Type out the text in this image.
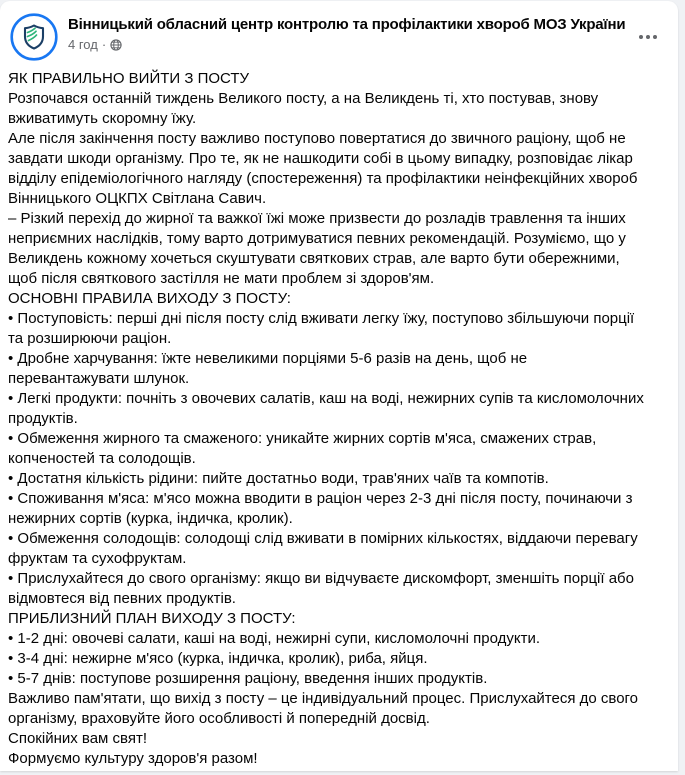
Вінницький обласний центр контролю та профілактики хвороб МОЗ України
4 год ·
ЯК ПРАВИЛЬНО ВИЙТИ З ПОСТУ
Розпочався останній тиждень Великого посту, а на Великдень ті, хто постував, знову вживатимуть скоромну їжу.
Але після закінчення посту важливо поступово повертатися до звичного раціону, щоб не завдати шкоди організму. Про те, як не нашкодити собі в цьому випадку, розповідає лікар відділу епідеміологічного нагляду (спостереження) та профілактики неінфекційних хвороб Вінницького ОЦКПХ Світлана Савич.
– Різкий перехід до жирної та важкої їжі може призвести до розладів травлення та інших неприємних наслідків, тому варто дотримуватися певних рекомендацій. Розуміємо, що у Великдень кожному хочеться скуштувати святкових страв, але варто бути обережними, щоб після святкового застілля не мати проблем зі здоров'ям.
ОСНОВНІ ПРАВИЛА ВИХОДУ З ПОСТУ:
• Поступовість: перші дні після посту слід вживати легку їжу, поступово збільшуючи порції та розширюючи раціон.
• Дробне харчування: їжте невеликими порціями 5-6 разів на день, щоб не перевантажувати шлунок.
• Легкі продукти: почніть з овочевих салатів, каш на воді, нежирних супів та кисломолочних продуктів.
• Обмеження жирного та смаженого: уникайте жирних сортів м'яса, смажених страв, копченостей та солодощів.
• Достатня кількість рідини: пийте достатньо води, трав'яних чаїв та компотів.
• Споживання м'яса: м'ясо можна вводити в раціон через 2-3 дні після посту, починаючи з нежирних сортів (курка, індичка, кролик).
• Обмеження солодощів: солодощі слід вживати в помірних кількостях, віддаючи перевагу фруктам та сухофруктам.
• Прислухайтеся до свого організму: якщо ви відчуваєте дискомфорт, зменшіть порції або відмовтеся від певних продуктів.
ПРИБЛИЗНИЙ ПЛАН ВИХОДУ З ПОСТУ:
• 1-2 дні: овочеві салати, каші на воді, нежирні супи, кисломолочні продукти.
• 3-4 дні: нежирне м'ясо (курка, індичка, кролик), риба, яйця.
• 5-7 днів: поступове розширення раціону, введення інших продуктів.
Важливо пам'ятати, що вихід з посту – це індивідуальний процес. Прислухайтеся до свого організму, враховуйте його особливості й попередній досвід.
Спокійних вам свят!
Формуємо культуру здоров'я разом!
